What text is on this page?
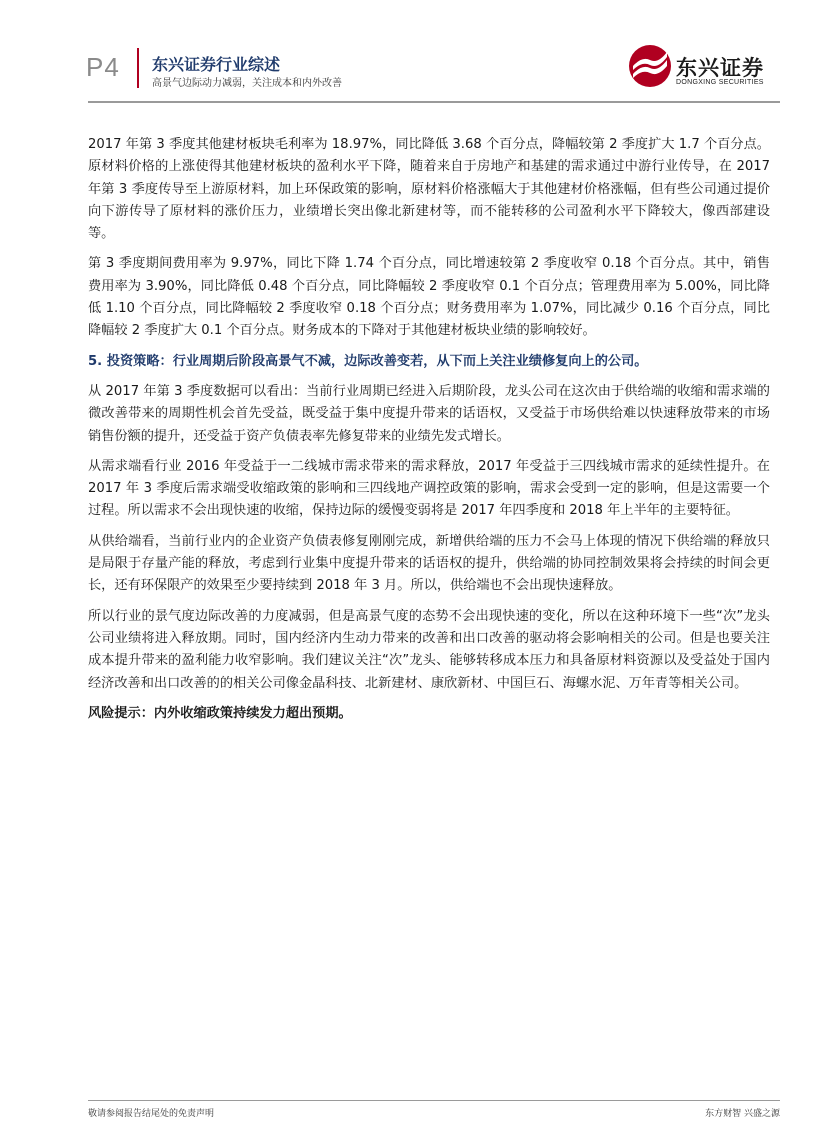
P4 东兴证券行业综述
高景气边际动力减弱，关注成本和内外改善
东兴证券
DONGXING SECURITIES

2017 年第 3 季度其他建材板块毛利率为 18.97%，同比降低 3.68 个百分点，降幅较第 2 季度扩大 1.7 个百分点。原材料价格的上涨使得其他建材板块的盈利水平下降，随着来自于房地产和基建的需求通过中游行业传导，在 2017 年第 3 季度传导至上游原材料，加上环保政策的影响，原材料价格涨幅大于其他建材价格涨幅，但有些公司通过提价向下游传导了原材料的涨价压力，业绩增长突出像北新建材等，而不能转移的公司盈利水平下降较大，像西部建设等。

第 3 季度期间费用率为 9.97%，同比下降 1.74 个百分点，同比增速较第 2 季度收窄 0.18 个百分点。其中，销售费用率为 3.90%，同比降低 0.48 个百分点，同比降幅较 2 季度收窄 0.1 个百分点；管理费用率为 5.00%，同比降低 1.10 个百分点，同比降幅较 2 季度收窄 0.18 个百分点；财务费用率为 1.07%，同比减少 0.16 个百分点，同比降幅较 2 季度扩大 0.1 个百分点。财务成本的下降对于其他建材板块业绩的影响较好。

5. 投资策略：行业周期后阶段高景气不减，边际改善变若，从下而上关注业绩修复向上的公司。

从 2017 年第 3 季度数据可以看出：当前行业周期已经进入后期阶段，龙头公司在这次由于供给端的收缩和需求端的微改善带来的周期性机会首先受益，既受益于集中度提升带来的话语权，又受益于市场供给难以快速释放带来的市场销售份额的提升，还受益于资产负债表率先修复带来的业绩先发式增长。

从需求端看行业 2016 年受益于一二线城市需求带来的需求释放，2017 年受益于三四线城市需求的延续性提升。在 2017 年 3 季度后需求端受收缩政策的影响和三四线地产调控政策的影响，需求会受到一定的影响，但是这需要一个过程。所以需求不会出现快速的收缩，保持边际的缓慢变弱将是 2017 年四季度和 2018 年上半年的主要特征。

从供给端看，当前行业内的企业资产负债表修复刚刚完成，新增供给端的压力不会马上体现的情况下供给端的释放只是局限于存量产能的释放，考虑到行业集中度提升带来的话语权的提升，供给端的协同控制效果将会持续的时间会更长，还有环保限产的效果至少要持续到 2018 年 3 月。所以，供给端也不会出现快速释放。

所以行业的景气度边际改善的力度减弱，但是高景气度的态势不会出现快速的变化，所以在这种环境下一些“次”龙头公司业绩将进入释放期。同时，国内经济内生动力带来的改善和出口改善的驱动将会影响相关的公司。但是也要关注成本提升带来的盈利能力收窄影响。我们建议关注“次”龙头、能够转移成本压力和具备原材料资源以及受益处于国内经济改善和出口改善的的相关公司像金晶科技、北新建材、康欣新材、中国巨石、海螺水泥、万年青等相关公司。

风险提示：内外收缩政策持续发力超出预期。

敬请参阅报告结尾处的免责声明	东方财智 兴盛之源
